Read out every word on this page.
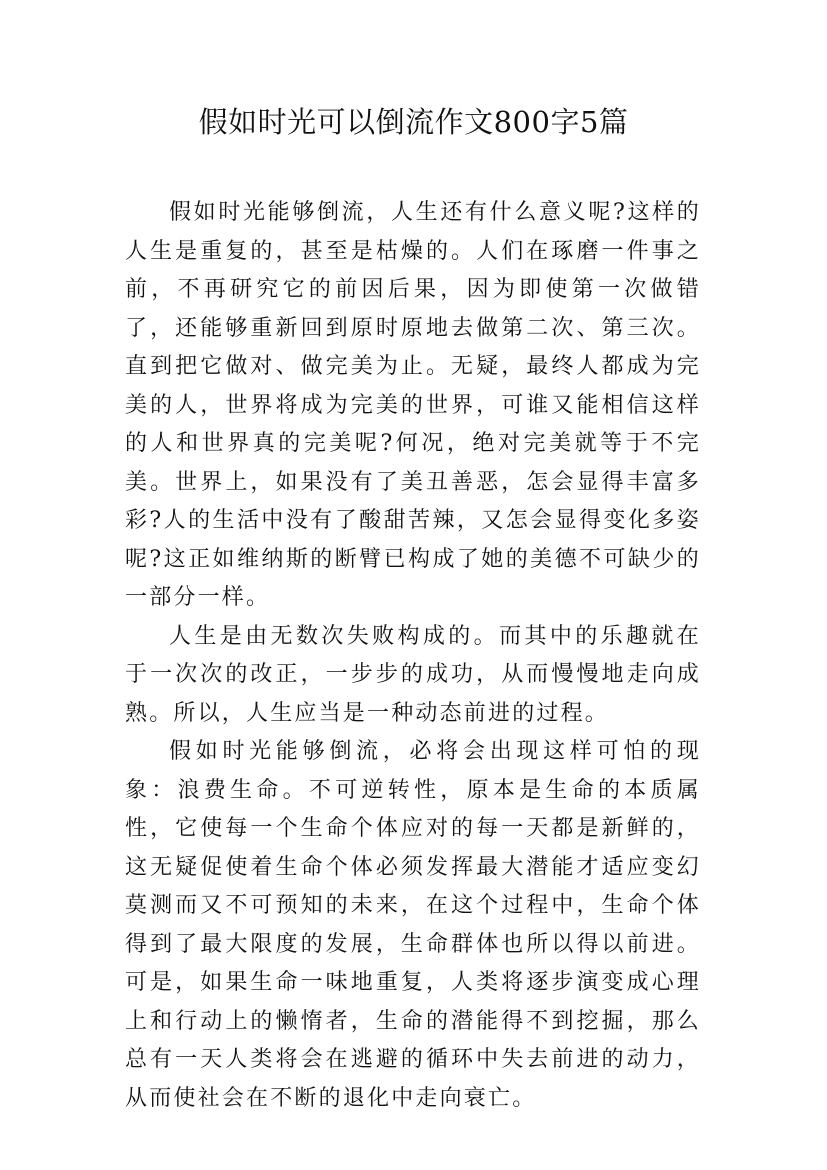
假如时光可以倒流作文800字5篇

假如时光能够倒流，人生还有什么意义呢?这样的人生是重复的，甚至是枯燥的。人们在琢磨一件事之前，不再研究它的前因后果，因为即使第一次做错了，还能够重新回到原时原地去做第二次、第三次。直到把它做对、做完美为止。无疑，最终人都成为完美的人，世界将成为完美的世界，可谁又能相信这样的人和世界真的完美呢?何况，绝对完美就等于不完美。世界上，如果没有了美丑善恶，怎会显得丰富多彩?人的生活中没有了酸甜苦辣，又怎会显得变化多姿呢?这正如维纳斯的断臂已构成了她的美德不可缺少的一部分一样。

人生是由无数次失败构成的。而其中的乐趣就在于一次次的改正，一步步的成功，从而慢慢地走向成熟。所以，人生应当是一种动态前进的过程。

假如时光能够倒流，必将会出现这样可怕的现象：浪费生命。不可逆转性，原本是生命的本质属性，它使每一个生命个体应对的每一天都是新鲜的，这无疑促使着生命个体必须发挥最大潜能才适应变幻莫测而又不可预知的未来，在这个过程中，生命个体得到了最大限度的发展，生命群体也所以得以前进。可是，如果生命一味地重复，人类将逐步演变成心理上和行动上的懒惰者，生命的潜能得不到挖掘，那么总有一天人类将会在逃避的循环中失去前进的动力，从而使社会在不断的退化中走向衰亡。
